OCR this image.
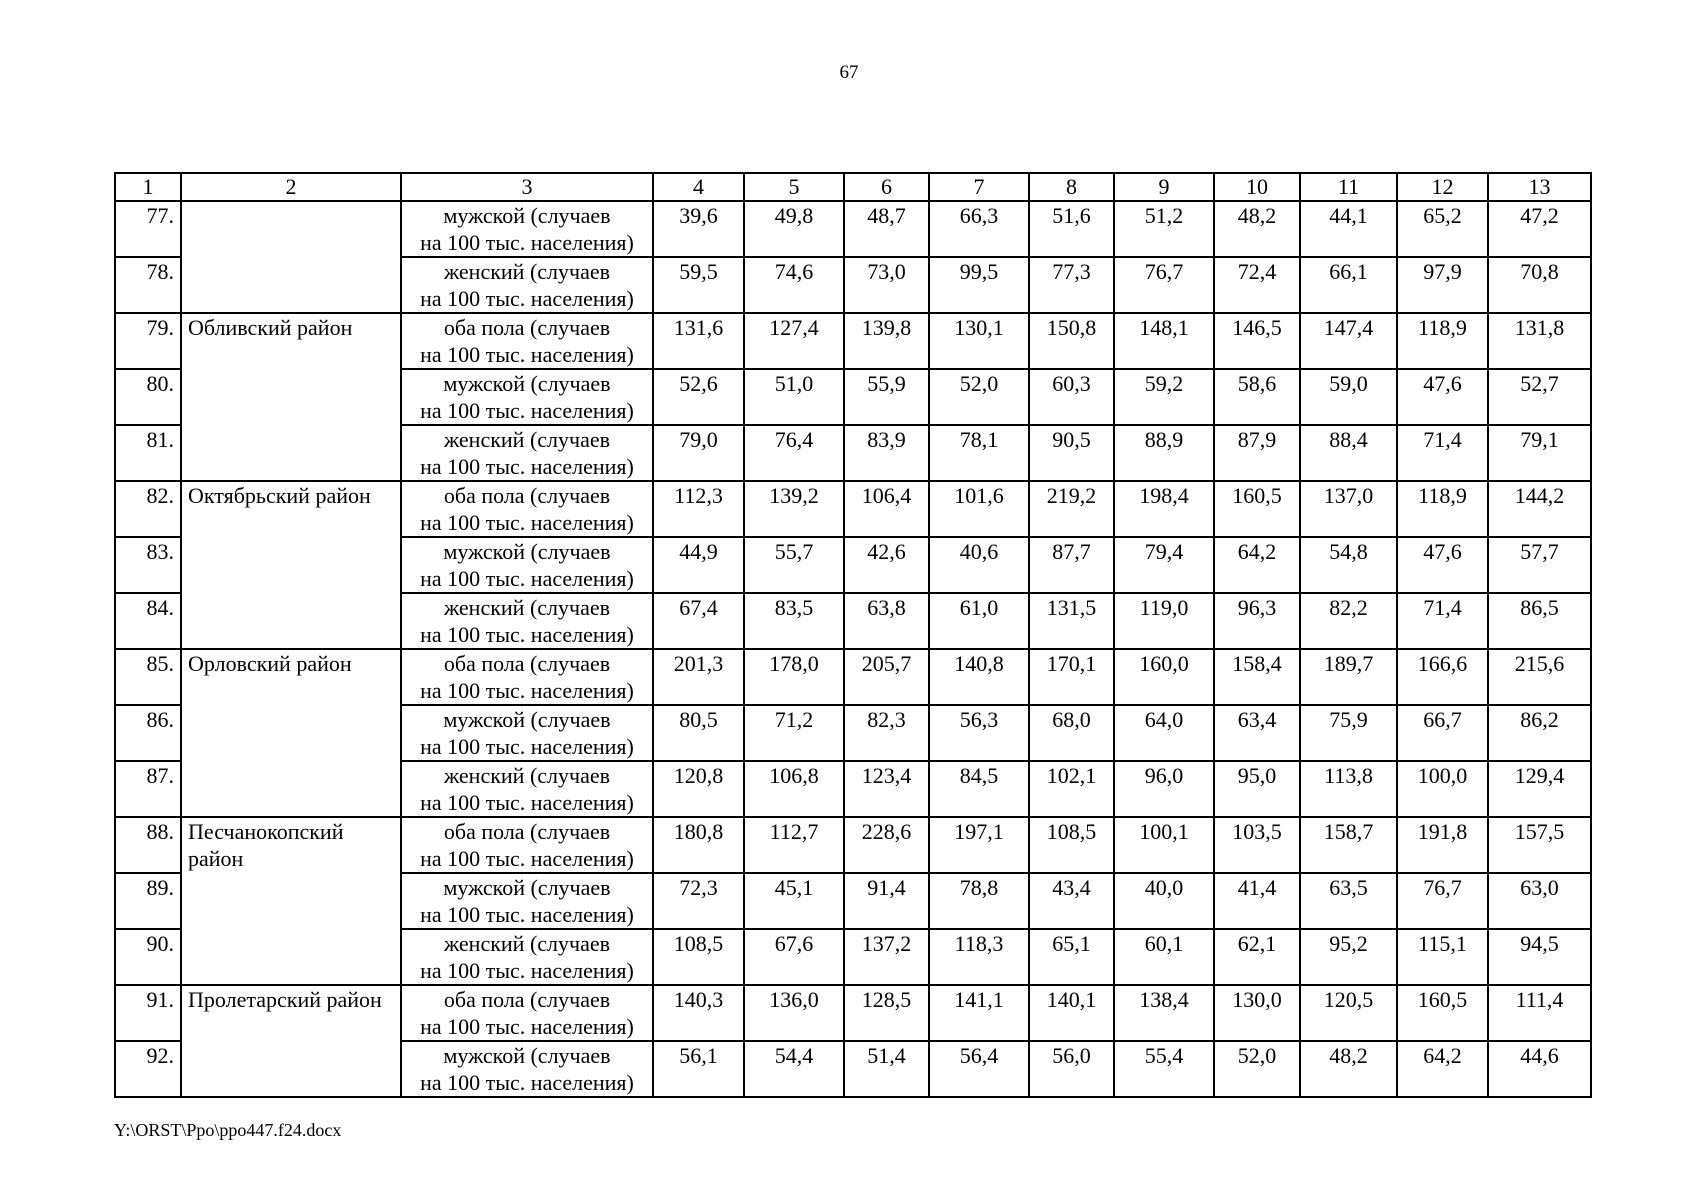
67
1	2	3	4	5	6	7	8	9	10	11	12	13
77.		мужской (случаев
на 100 тыс. населения)	39,6	49,8	48,7	66,3	51,6	51,2	48,2	44,1	65,2	47,2
78.		женский (случаев
на 100 тыс. населения)	59,5	74,6	73,0	99,5	77,3	76,7	72,4	66,1	97,9	70,8
79.	Обливский район	оба пола (случаев
на 100 тыс. населения)	131,6	127,4	139,8	130,1	150,8	148,1	146,5	147,4	118,9	131,8
80.		мужской (случаев
на 100 тыс. населения)	52,6	51,0	55,9	52,0	60,3	59,2	58,6	59,0	47,6	52,7
81.		женский (случаев
на 100 тыс. населения)	79,0	76,4	83,9	78,1	90,5	88,9	87,9	88,4	71,4	79,1
82.	Октябрьский район	оба пола (случаев
на 100 тыс. населения)	112,3	139,2	106,4	101,6	219,2	198,4	160,5	137,0	118,9	144,2
83.		мужской (случаев
на 100 тыс. населения)	44,9	55,7	42,6	40,6	87,7	79,4	64,2	54,8	47,6	57,7
84.		женский (случаев
на 100 тыс. населения)	67,4	83,5	63,8	61,0	131,5	119,0	96,3	82,2	71,4	86,5
85.	Орловский район	оба пола (случаев
на 100 тыс. населения)	201,3	178,0	205,7	140,8	170,1	160,0	158,4	189,7	166,6	215,6
86.		мужской (случаев
на 100 тыс. населения)	80,5	71,2	82,3	56,3	68,0	64,0	63,4	75,9	66,7	86,2
87.		женский (случаев
на 100 тыс. населения)	120,8	106,8	123,4	84,5	102,1	96,0	95,0	113,8	100,0	129,4
88.	Песчанокопский район	оба пола (случаев
на 100 тыс. населения)	180,8	112,7	228,6	197,1	108,5	100,1	103,5	158,7	191,8	157,5
89.		мужской (случаев
на 100 тыс. населения)	72,3	45,1	91,4	78,8	43,4	40,0	41,4	63,5	76,7	63,0
90.		женский (случаев
на 100 тыс. населения)	108,5	67,6	137,2	118,3	65,1	60,1	62,1	95,2	115,1	94,5
91.	Пролетарский район	оба пола (случаев
на 100 тыс. населения)	140,3	136,0	128,5	141,1	140,1	138,4	130,0	120,5	160,5	111,4
92.		мужской (случаев
на 100 тыс. населения)	56,1	54,4	51,4	56,4	56,0	55,4	52,0	48,2	64,2	44,6
Y:\ORST\Ppo\ppo447.f24.docx
